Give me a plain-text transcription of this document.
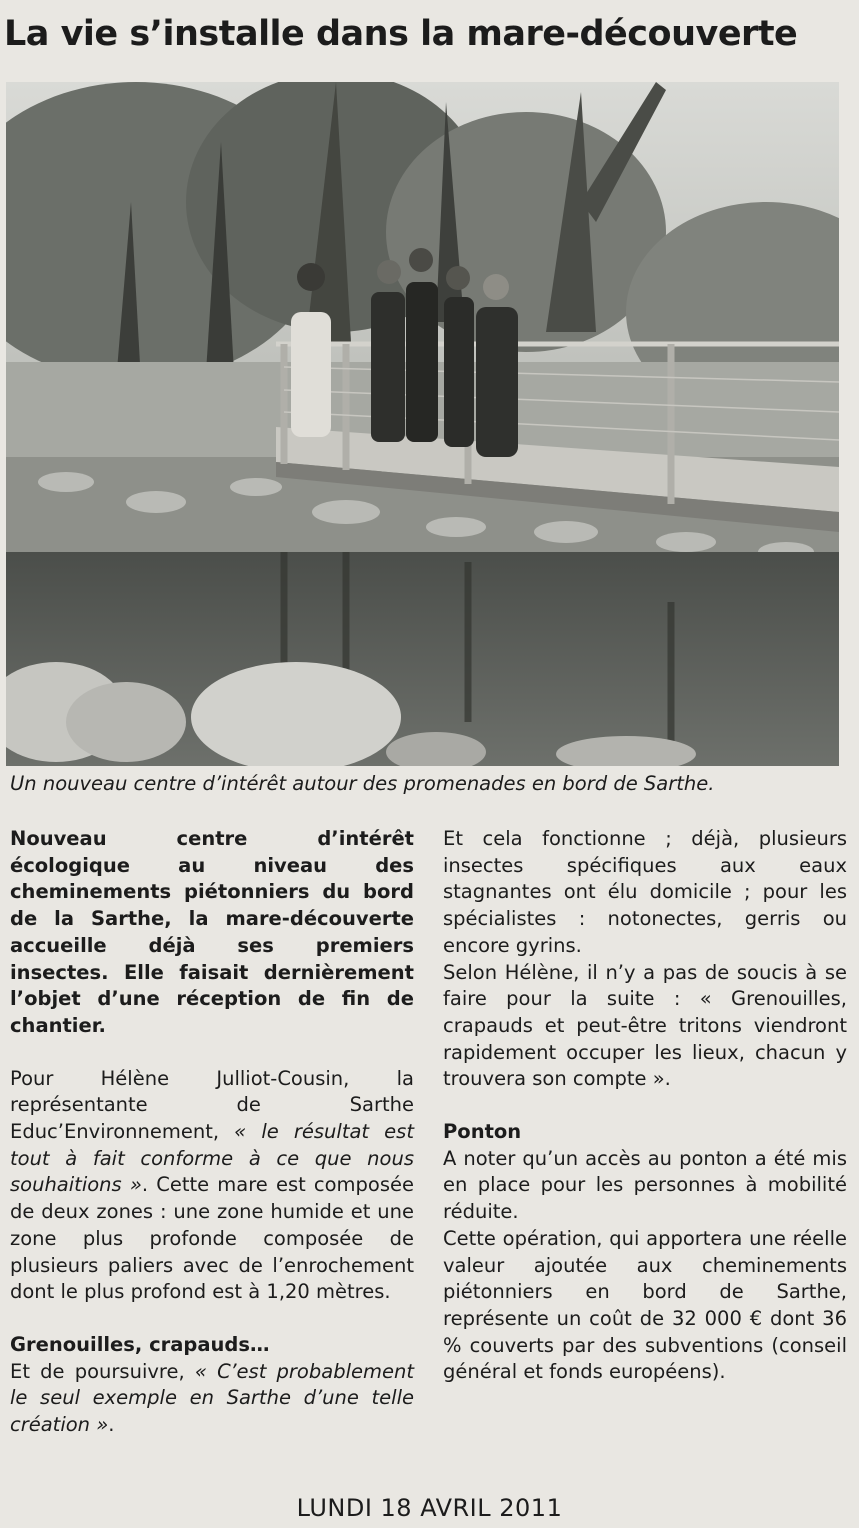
La vie s’installe dans la mare-découverte

Un nouveau centre d’intérêt autour des promenades en bord de Sarthe.

Nouveau centre d’intérêt écologique au niveau des cheminements piétonniers du bord de la Sarthe, la mare-découverte accueille déjà ses premiers insectes. Elle faisait dernièrement l’objet d’une réception de fin de chantier.

Pour Hélène Julliot-Cousin, la représentante de Sarthe Educ’Environnement, « le résultat est tout à fait conforme à ce que nous souhaitions ». Cette mare est composée de deux zones : une zone humide et une zone plus profonde composée de plusieurs paliers avec de l’enrochement dont le plus profond est à 1,20 mètres.

Grenouilles, crapauds…

Et de poursuivre, « C’est probablement le seul exemple en Sarthe d’une telle création ».

Et cela fonctionne ; déjà, plusieurs insectes spécifiques aux eaux stagnantes ont élu domicile ; pour les spécialistes : notonectes, gerris ou encore gyrins.

Selon Hélène, il n’y a pas de soucis à se faire pour la suite : « Grenouilles, crapauds et peut-être tritons viendront rapidement occuper les lieux, chacun y trouvera son compte ».

Ponton

A noter qu’un accès au ponton a été mis en place pour les personnes à mobilité réduite.

Cette opération, qui apportera une réelle valeur ajoutée aux cheminements piétonniers en bord de Sarthe, représente un coût de 32 000 € dont 36 % couverts par des subventions (conseil général et fonds européens).

LUNDI 18 AVRIL 2011
